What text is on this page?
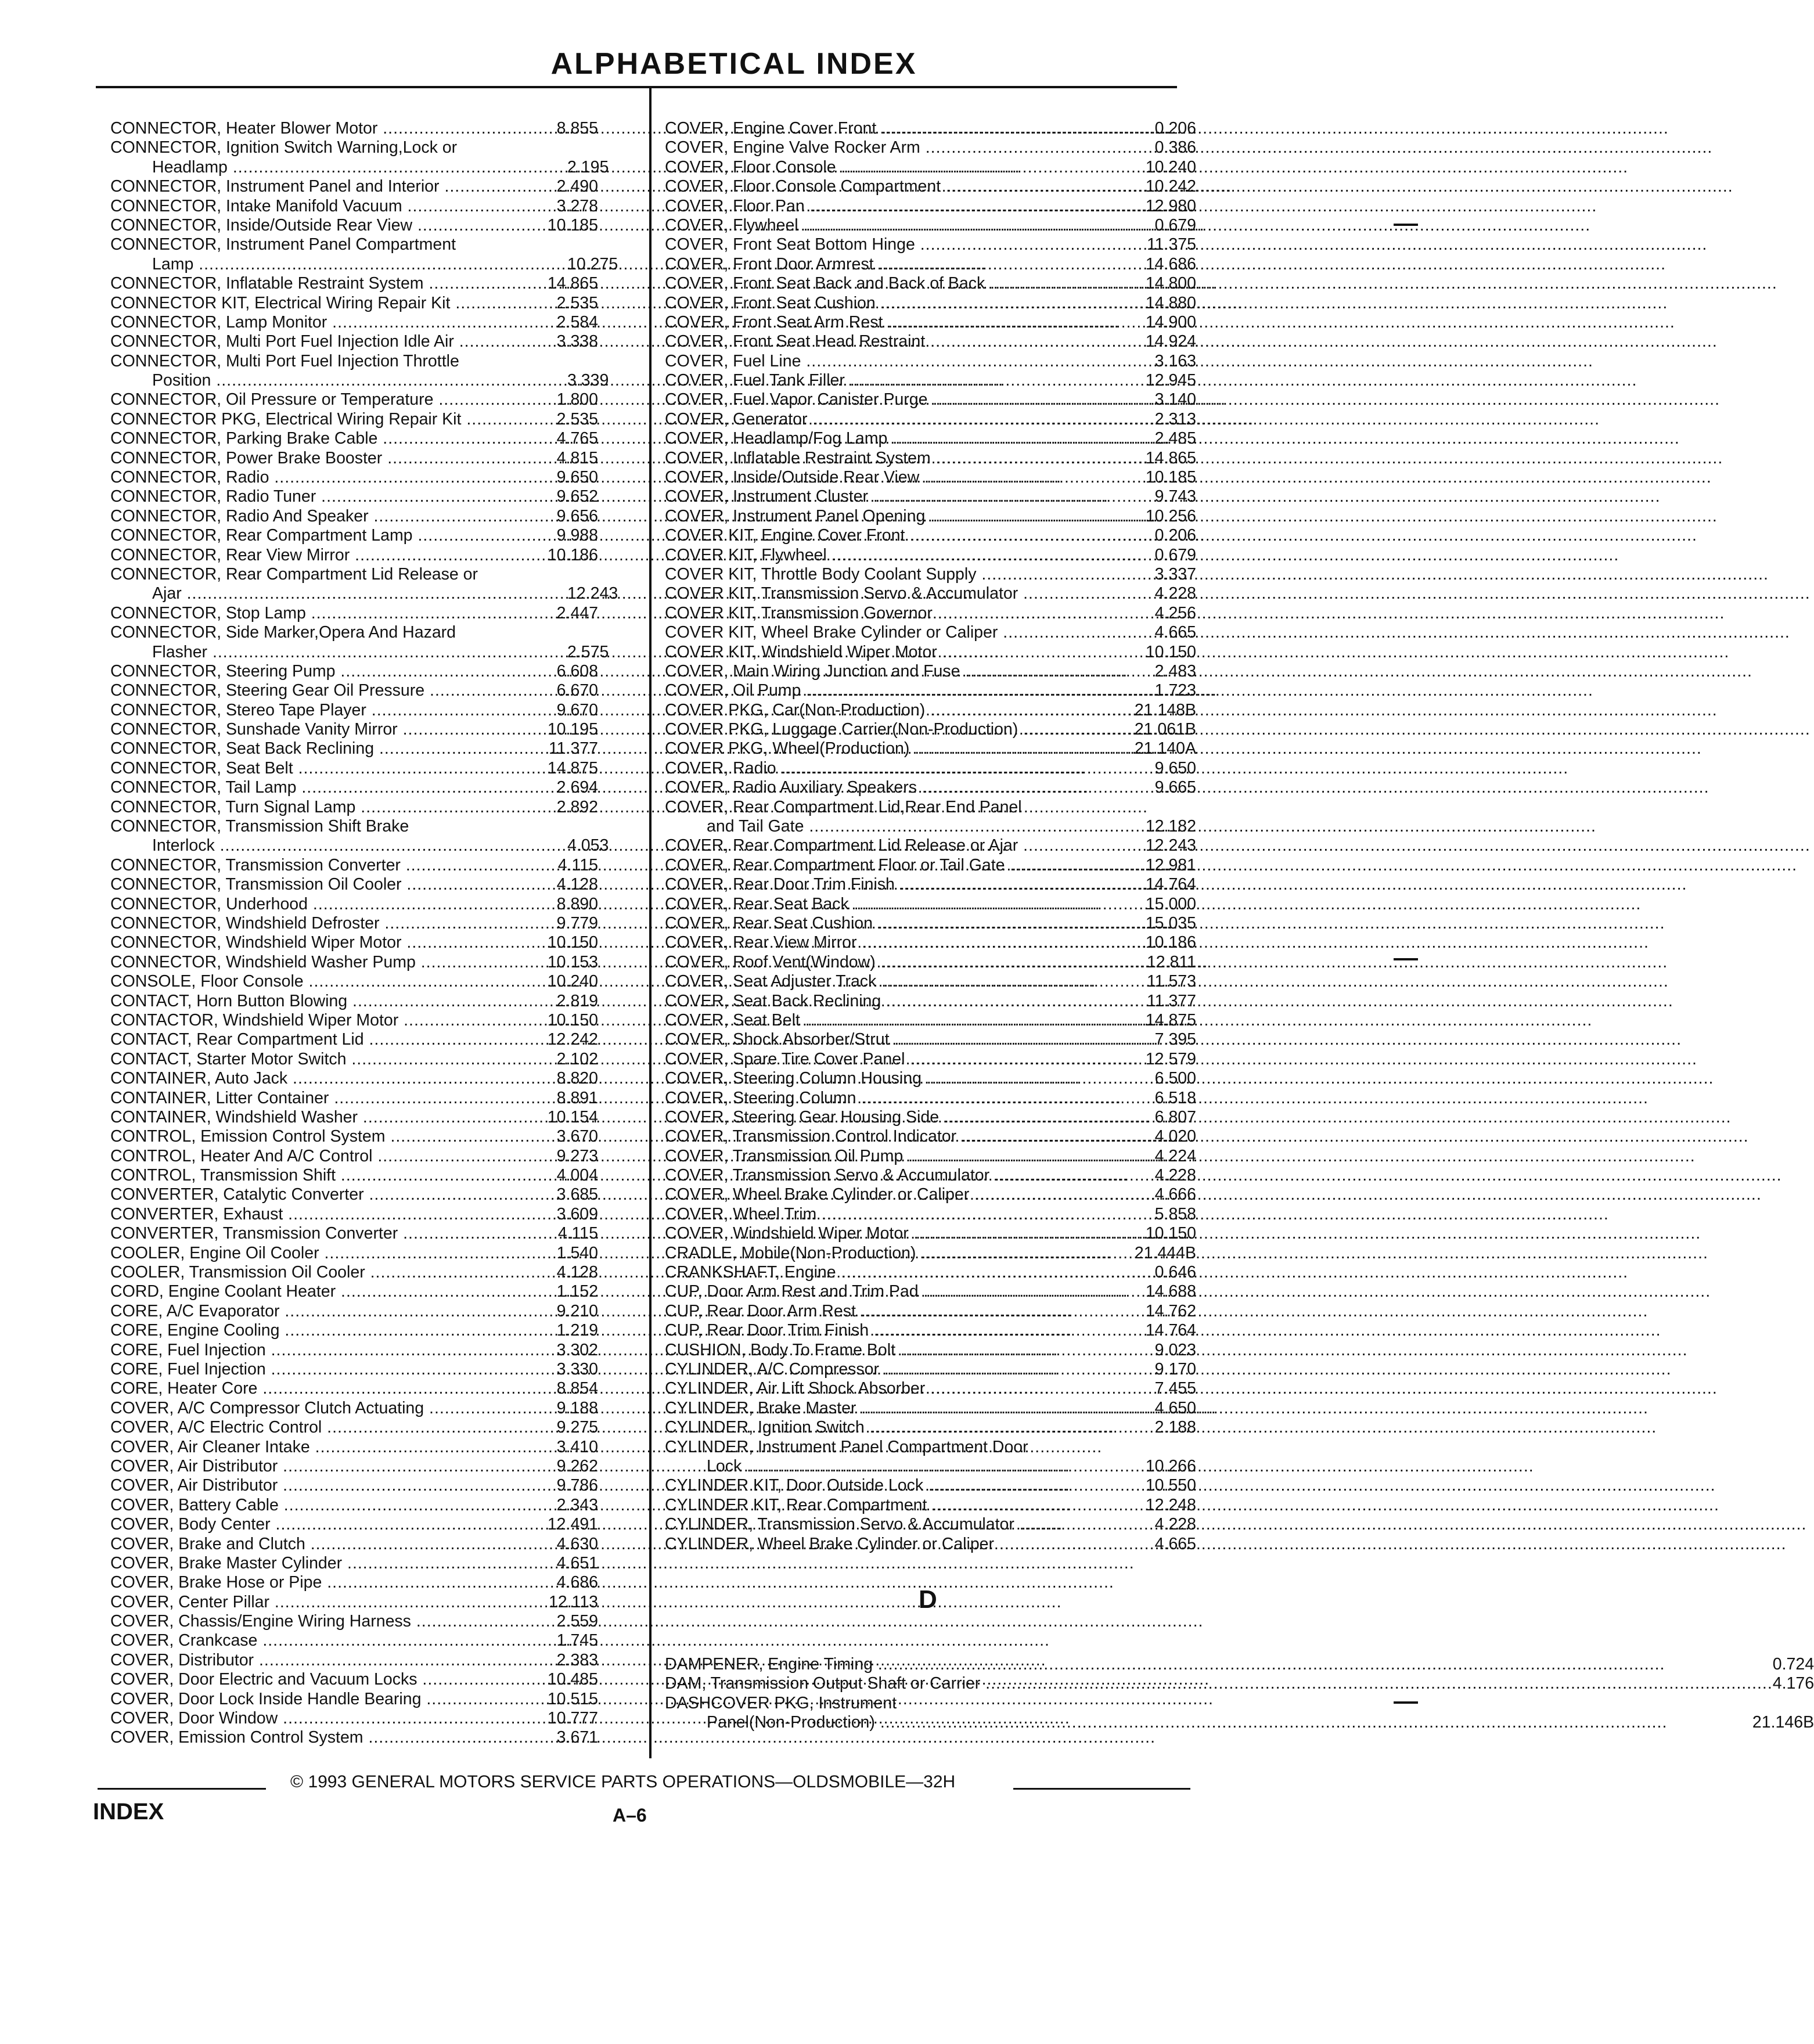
ALPHABETICAL INDEX
CONNECTOR, Heater Blower Motor .....	8.855
CONNECTOR, Ignition Switch Warning,Lock or
Headlamp .....	2.195
CONNECTOR, Instrument Panel and Interior .....	2.490
CONNECTOR, Intake Manifold Vacuum .....	3.278
CONNECTOR, Inside/Outside Rear View .....	10.185
CONNECTOR, Instrument Panel Compartment
Lamp .....	10.275
CONNECTOR, Inflatable Restraint System .....	14.865
CONNECTOR KIT, Electrical Wiring Repair Kit .....	2.535
CONNECTOR, Lamp Monitor .....	2.584
CONNECTOR, Multi Port Fuel Injection Idle Air .....	3.338
CONNECTOR, Multi Port Fuel Injection Throttle
Position .....	3.339
CONNECTOR, Oil Pressure or Temperature .....	1.800
CONNECTOR PKG, Electrical Wiring Repair Kit .....	2.535
CONNECTOR, Parking Brake Cable .....	4.765
CONNECTOR, Power Brake Booster .....	4.815
CONNECTOR, Radio .....	9.650
CONNECTOR, Radio Tuner .....	9.652
CONNECTOR, Radio And Speaker .....	9.656
CONNECTOR, Rear Compartment Lamp .....	9.988
CONNECTOR, Rear View Mirror .....	10.186
CONNECTOR, Rear Compartment Lid Release or
Ajar .....	12.243
CONNECTOR, Stop Lamp .....	2.447
CONNECTOR, Side Marker,Opera And Hazard
Flasher .....	2.575
CONNECTOR, Steering Pump .....	6.608
CONNECTOR, Steering Gear Oil Pressure .....	6.670
CONNECTOR, Stereo Tape Player .....	9.670
CONNECTOR, Sunshade Vanity Mirror .....	10.195
CONNECTOR, Seat Back Reclining .....	11.377
CONNECTOR, Seat Belt .....	14.875
CONNECTOR, Tail Lamp .....	2.694
CONNECTOR, Turn Signal Lamp .....	2.892
CONNECTOR, Transmission Shift Brake
Interlock .....	4.053
CONNECTOR, Transmission Converter .....	4.115
CONNECTOR, Transmission Oil Cooler .....	4.128
CONNECTOR, Underhood .....	8.890
CONNECTOR, Windshield Defroster .....	9.779
CONNECTOR, Windshield Wiper Motor .....	10.150
CONNECTOR, Windshield Washer Pump .....	10.153
CONSOLE, Floor Console .....	10.240
CONTACT, Horn Button Blowing .....	2.819
CONTACTOR, Windshield Wiper Motor .....	10.150
CONTACT, Rear Compartment Lid .....	12.242
CONTACT, Starter Motor Switch .....	2.102
CONTAINER, Auto Jack .....	8.820
CONTAINER, Litter Container .....	8.891
CONTAINER, Windshield Washer .....	10.154
CONTROL, Emission Control System .....	3.670
CONTROL, Heater And A/C Control .....	9.273
CONTROL, Transmission Shift .....	4.004
CONVERTER, Catalytic Converter .....	3.685
CONVERTER, Exhaust .....	3.609
CONVERTER, Transmission Converter .....	4.115
COOLER, Engine Oil Cooler .....	1.540
COOLER, Transmission Oil Cooler .....	4.128
CORD, Engine Coolant Heater .....	1.152
CORE, A/C Evaporator .....	9.210
CORE, Engine Cooling .....	1.219
CORE, Fuel Injection .....	3.302
CORE, Fuel Injection .....	3.330
CORE, Heater Core .....	8.854
COVER, A/C Compressor Clutch Actuating .....	9.188
COVER, A/C Electric Control .....	9.275
COVER, Air Cleaner Intake .....	3.410
COVER, Air Distributor .....	9.262
COVER, Air Distributor .....	9.786
COVER, Battery Cable .....	2.343
COVER, Body Center .....	12.491
COVER, Brake and Clutch .....	4.630
COVER, Brake Master Cylinder .....	4.651
COVER, Brake Hose or Pipe .....	4.686
COVER, Center Pillar .....	12.113
COVER, Chassis/Engine Wiring Harness .....	2.559
COVER, Crankcase .....	1.745
COVER, Distributor .....	2.383
COVER, Door Electric and Vacuum Locks .....	10.485
COVER, Door Lock Inside Handle Bearing .....	10.515
COVER, Door Window .....	10.777
COVER, Emission Control System .....	3.671
COVER, Engine Cover Front .....	0.206
COVER, Engine Valve Rocker Arm .....	0.386
COVER, Floor Console .....	10.240
COVER, Floor Console Compartment .....	10.242
COVER, Floor Pan .....	12.980
COVER, Flywheel .....	0.679
COVER, Front Seat Bottom Hinge .....	11.375
COVER, Front Door Armrest .....	14.686
COVER, Front Seat Back and Back of Back .....	14.800
COVER, Front Seat Cushion .....	14.880
COVER, Front Seat Arm Rest .....	14.900
COVER, Front Seat Head Restraint .....	14.924
COVER, Fuel Line .....	3.163
COVER, Fuel Tank Filler .....	12.945
COVER, Fuel Vapor Canister Purge .....	3.140
COVER, Generator .....	2.313
COVER, Headlamp/Fog Lamp .....	2.485
COVER, Inflatable Restraint System .....	14.865
COVER, Inside/Outside Rear View .....	10.185
COVER, Instrument Cluster .....	9.743
COVER, Instrument Panel Opening .....	10.256
COVER KIT, Engine Cover Front .....	0.206
COVER KIT, Flywheel .....	0.679
COVER KIT, Throttle Body Coolant Supply .....	3.337
COVER KIT, Transmission Servo & Accumulator .....	4.228
COVER KIT, Transmission Governor .....	4.256
COVER KIT, Wheel Brake Cylinder or Caliper .....	4.665
COVER KIT, Windshield Wiper Motor .....	10.150
COVER, Main Wiring Junction and Fuse .....	2.483
COVER, Oil Pump .....	1.723
COVER PKG, Car(Non-Production) .....	21.148B
COVER PKG, Luggage Carrier(Non-Production) .....	21.061B
COVER PKG, Wheel(Production) .....	21.140A
COVER, Radio .....	9.650
COVER, Radio Auxiliary Speakers .....	9.665
COVER, Rear Compartment Lid,Rear End Panel
and Tail Gate .....	12.182
COVER, Rear Compartment Lid Release or Ajar .....	12.243
COVER, Rear Compartment Floor or Tail Gate .....	12.981
COVER, Rear Door Trim Finish .....	14.764
COVER, Rear Seat Back .....	15.000
COVER, Rear Seat Cushion .....	15.035
COVER, Rear View Mirror .....	10.186
COVER, Roof Vent(Window) .....	12.811
COVER, Seat Adjuster Track .....	11.573
COVER, Seat Back Reclining .....	11.377
COVER, Seat Belt .....	14.875
COVER, Shock Absorber/Strut .....	7.395
COVER, Spare Tire Cover Panel .....	12.579
COVER, Steering Column Housing .....	6.500
COVER, Steering Column .....	6.518
COVER, Steering Gear Housing Side .....	6.807
COVER, Transmission Control Indicator .....	4.020
COVER, Transmission Oil Pump .....	4.224
COVER, Transmission Servo & Accumulator .....	4.228
COVER, Wheel Brake Cylinder or Caliper .....	4.666
COVER, Wheel Trim .....	5.858
COVER, Windshield Wiper Motor .....	10.150
CRADLE, Mobile(Non-Production) .....	21.444B
CRANKSHAFT, Engine .....	0.646
CUP, Door Arm Rest and Trim Pad .....	14.688
CUP, Rear Door Arm Rest .....	14.762
CUP, Rear Door Trim Finish .....	14.764
CUSHION, Body To Frame Bolt .....	9.023
CYLINDER, A/C Compressor .....	9.170
CYLINDER, Air Lift Shock Absorber .....	7.455
CYLINDER, Brake Master .....	4.650
CYLINDER, Ignition Switch .....	2.188
CYLINDER, Instrument Panel Compartment Door
Lock .....	10.266
CYLINDER KIT, Door Outside Lock .....	10.550
CYLINDER KIT, Rear Compartment .....	12.248
CYLINDER, Transmission Servo & Accumulator .....	4.228
CYLINDER, Wheel Brake Cylinder or Caliper .....	4.665
D
DAMPENER, Engine Timing .....	0.724
DAM, Transmission Output Shaft or Carrier .....	4.176
DASHCOVER PKG, Instrument
Panel(Non-Production) .....	21.146B
© 1993 GENERAL MOTORS SERVICE PARTS OPERATIONS—OLDSMOBILE—32H
INDEX	A–6
